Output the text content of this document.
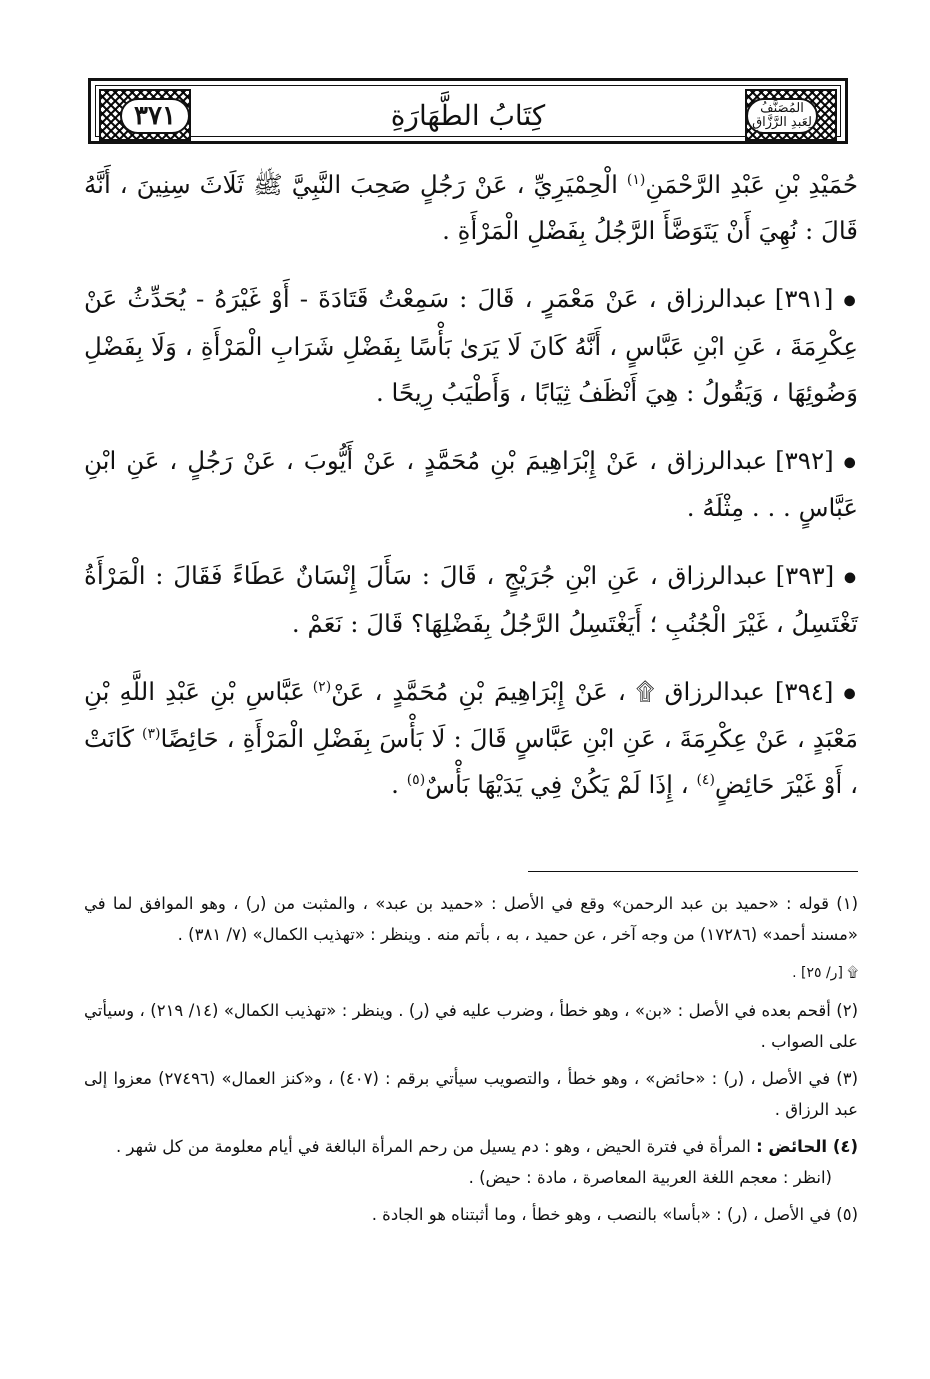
٣٧١	المُصَنَّفُ
لِعَبدِ الرَّزَّاقِ
كِتَابُ الطَّهَارَةِ

حُمَيْدِ بْنِ عَبْدِ الرَّحْمَنِ$^{(١)}$ الْحِمْيَرِيِّ ، عَنْ رَجُلٍ صَحِبَ النَّبِيَّ ﷺ ثَلَاثَ سِنِينَ ، أَنَّهُ قَالَ : نُهِيَ أَنْ يَتَوَضَّأَ الرَّجُلُ بِفَضْلِ الْمَرْأَةِ .

● [٣٩١] عبدالرزاق ، عَنْ مَعْمَرٍ ، قَالَ : سَمِعْتُ قَتَادَةَ - أَوْ غَيْرَهُ - يُحَدِّثُ عَنْ عِكْرِمَةَ ، عَنِ ابْنِ عَبَّاسٍ ، أَنَّهُ كَانَ لَا يَرَىٰ بَأْسًا بِفَضْلِ شَرَابِ الْمَرْأَةِ ، وَلَا بِفَضْلِ وَضُوئِهَا ، وَيَقُولُ : هِيَ أَنْظَفُ ثِيَابًا ، وَأَطْيَبُ رِيحًا .

● [٣٩٢] عبدالرزاق ، عَنْ إِبْرَاهِيمَ بْنِ مُحَمَّدٍ ، عَنْ أَيُّوبَ ، عَنْ رَجُلٍ ، عَنِ ابْنِ عَبَّاسٍ . . . مِثْلَهُ .

● [٣٩٣] عبدالرزاق ، عَنِ ابْنِ جُرَيْجٍ ، قَالَ : سَأَلَ إِنْسَانٌ عَطَاءً فَقَالَ : الْمَرْأَةُ تَغْتَسِلُ ، غَيْرَ الْجُنُبِ ؛ أَيَغْتَسِلُ الرَّجُلُ بِفَضْلِهَا؟ قَالَ : نَعَمْ .

● [٣٩٤] عبدالرزاق ۩ ، عَنْ إِبْرَاهِيمَ بْنِ مُحَمَّدٍ ، عَنْ$^{(٢)}$ عَبَّاسِ بْنِ عَبْدِ اللَّهِ بْنِ مَعْبَدٍ ، عَنْ عِكْرِمَةَ ، عَنِ ابْنِ عَبَّاسٍ قَالَ : لَا بَأْسَ بِفَضْلِ الْمَرْأَةِ ، حَائِضًا$^{(٣)}$ كَانَتْ ، أَوْ غَيْرَ حَائِضٍ$^{(٤)}$ ، إِذَا لَمْ يَكُنْ فِي يَدَيْهَا بَأْسٌ$^{(٥)}$ .

(١) قوله : «حميد بن عبد الرحمن» وقع في الأصل : «حميد بن عبد» ، والمثبت من (ر) ، وهو الموافق لما في «مسند أحمد» (١٧٢٨٦) من وجه آخر ، عن حميد ، به ، بأتم منه . وينظر : «تهذيب الكمال» (٧/ ٣٨١) .

۩ [ر/ ٢٥] .

(٢) أقحم بعده في الأصل : «بن» ، وهو خطأ ، وضرب عليه في (ر) . وينظر : «تهذيب الكمال» (١٤/ ٢١٩) ، وسيأتي على الصواب .

(٣) في الأصل ، (ر) : «حائض» ، وهو خطأ ، والتصويب سيأتي برقم : (٤٠٧) ، و«كنز العمال» (٢٧٤٩٦) معزوا إلى عبد الرزاق .

(٤) الحائض : المرأة في فترة الحيض ، وهو : دم يسيل من رحم المرأة البالغة في أيام معلومة من كل شهر .
(انظر : معجم اللغة العربية المعاصرة ، مادة : حيض) .

(٥) في الأصل ، (ر) : «بأسا» بالنصب ، وهو خطأ ، وما أثبتناه هو الجادة .
